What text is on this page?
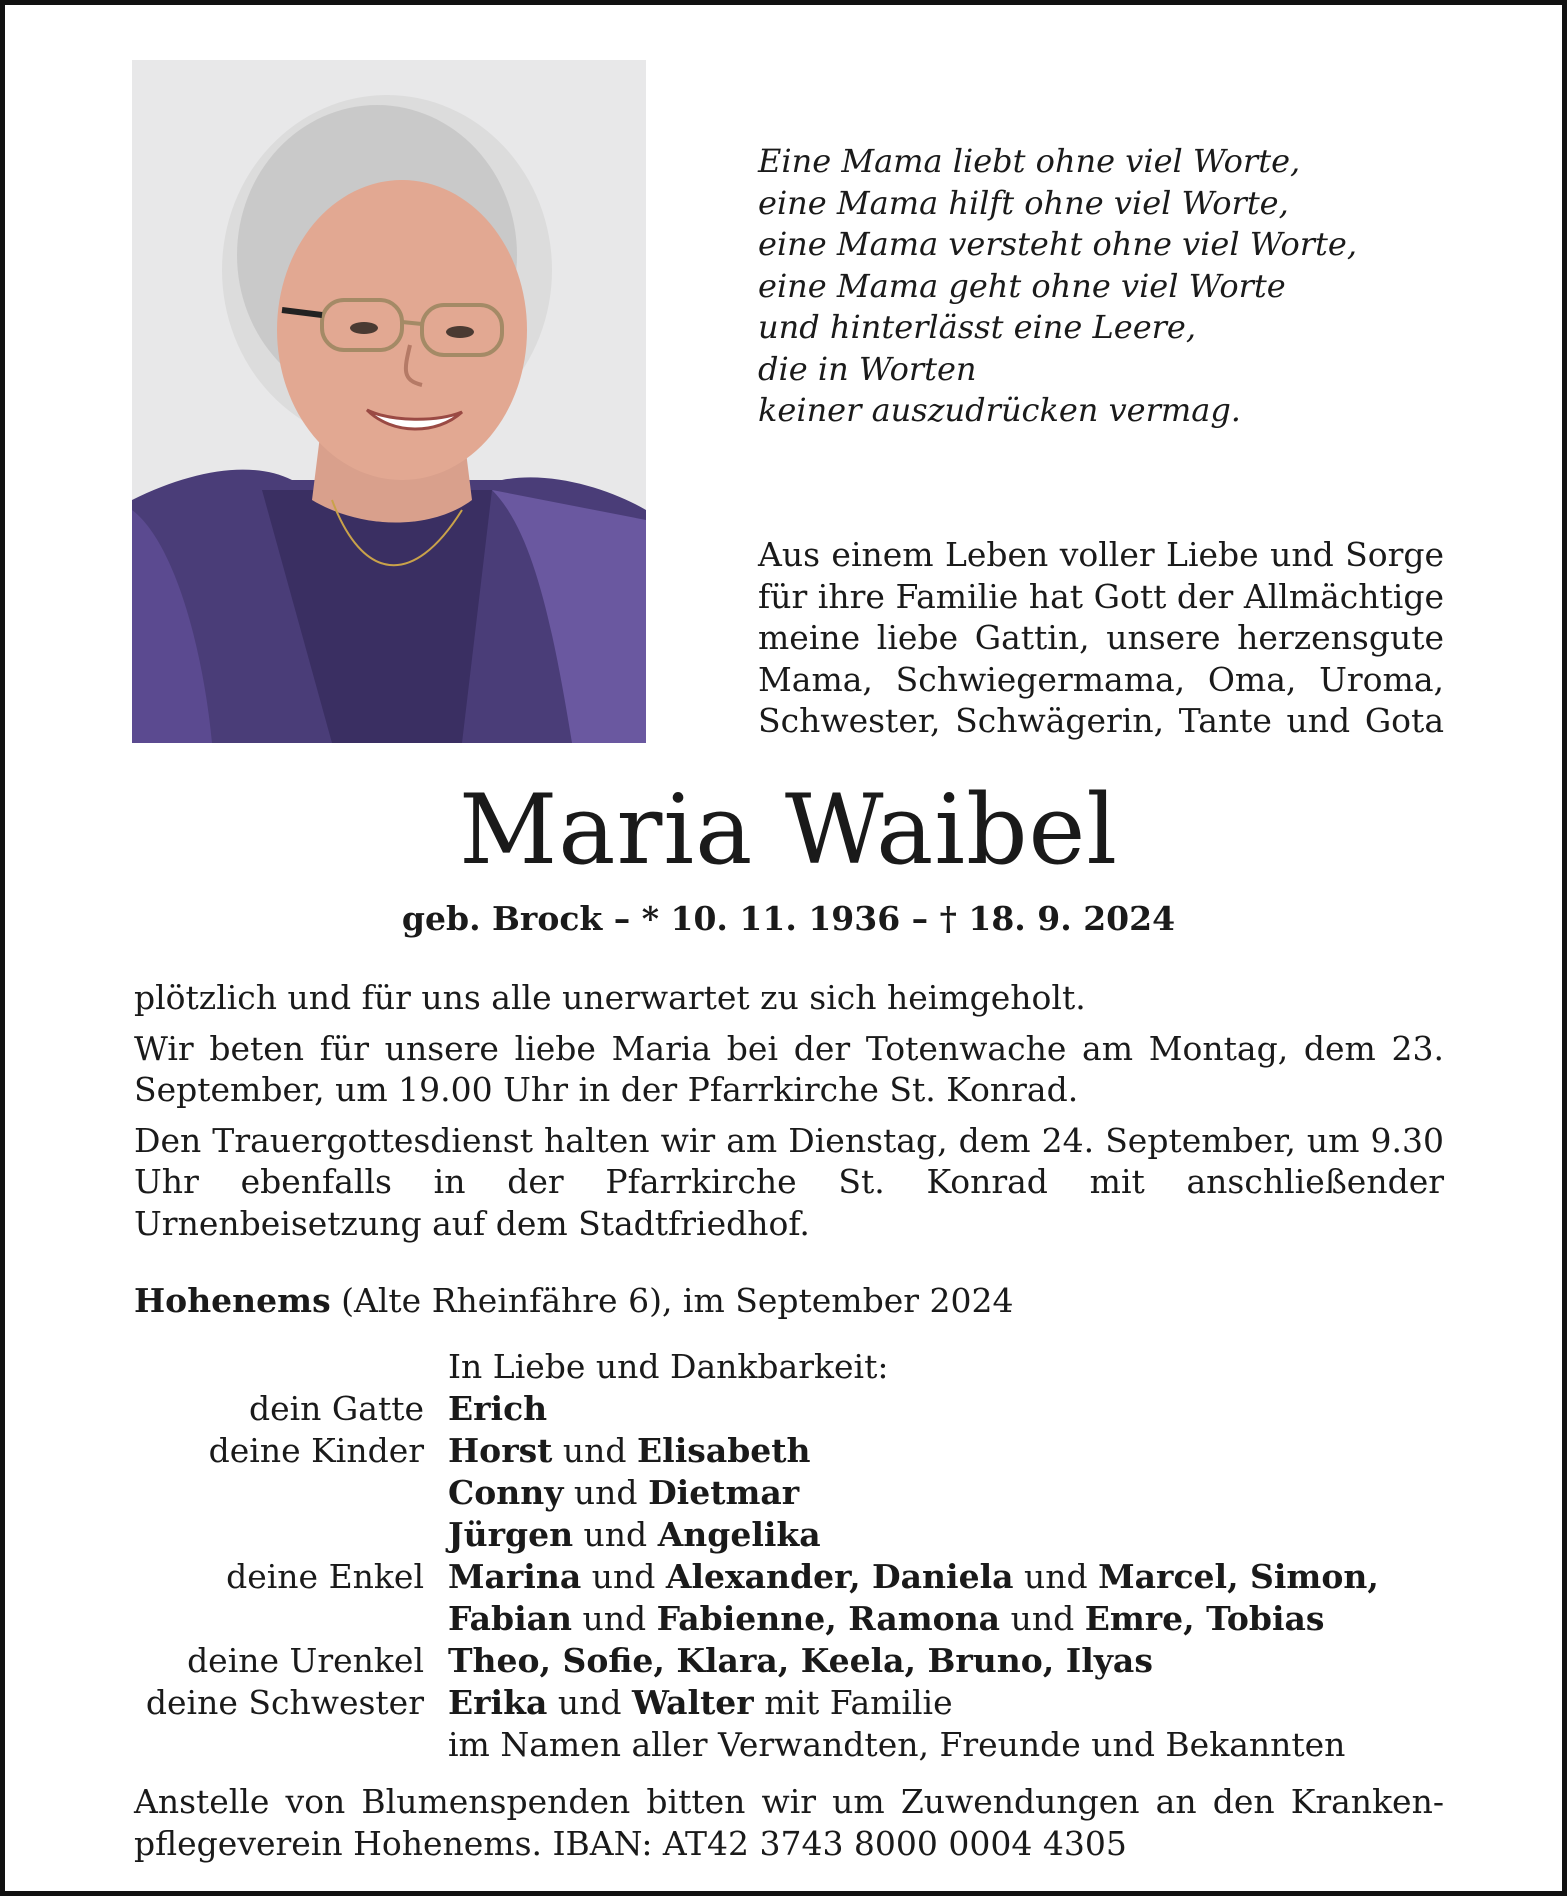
Eine Mama liebt ohne viel Worte,
eine Mama hilft ohne viel Worte,
eine Mama versteht ohne viel Worte,
eine Mama geht ohne viel Worte
und hinterlässt eine Leere,
die in Worten
keiner auszudrücken vermag.
Aus einem Leben voller Liebe und Sorge
für ihre Familie hat Gott der Allmächtige
meine liebe Gattin, unsere herzensgute
Mama, Schwiegermama, Oma, Uroma,
Schwester, Schwägerin, Tante und Gota
Maria Waibel
geb. Brock – * 10. 11. 1936 – † 18. 9. 2024

plötzlich und für uns alle unerwartet zu sich heimgeholt.

Wir beten für unsere liebe Maria bei der Totenwache am Montag, dem 23. September, um 19.00 Uhr in der Pfarrkirche St. Konrad.

Den Trauergottesdienst halten wir am Dienstag, dem 24. September, um 9.30 Uhr ebenfalls in der Pfarrkirche St. Konrad mit anschließender Urnenbeisetzung auf dem Stadtfriedhof.

Hohenems (Alte Rheinfähre 6), im September 2024
In Liebe und Dankbarkeit:
dein Gatte Erich
deine Kinder Horst und Elisabeth
Conny und Dietmar
Jürgen und Angelika
deine Enkel Marina und Alexander, Daniela und Marcel, Simon,
Fabian und Fabienne, Ramona und Emre, Tobias
deine Urenkel Theo, Sofie, Klara, Keela, Bruno, Ilyas
deine Schwester Erika und Walter mit Familie
im Namen aller Verwandten, Freunde und Bekannten

Anstelle von Blumenspenden bitten wir um Zuwendungen an den Kranken-

pflegeverein Hohenems. IBAN: AT42 3743 8000 0004 4305
